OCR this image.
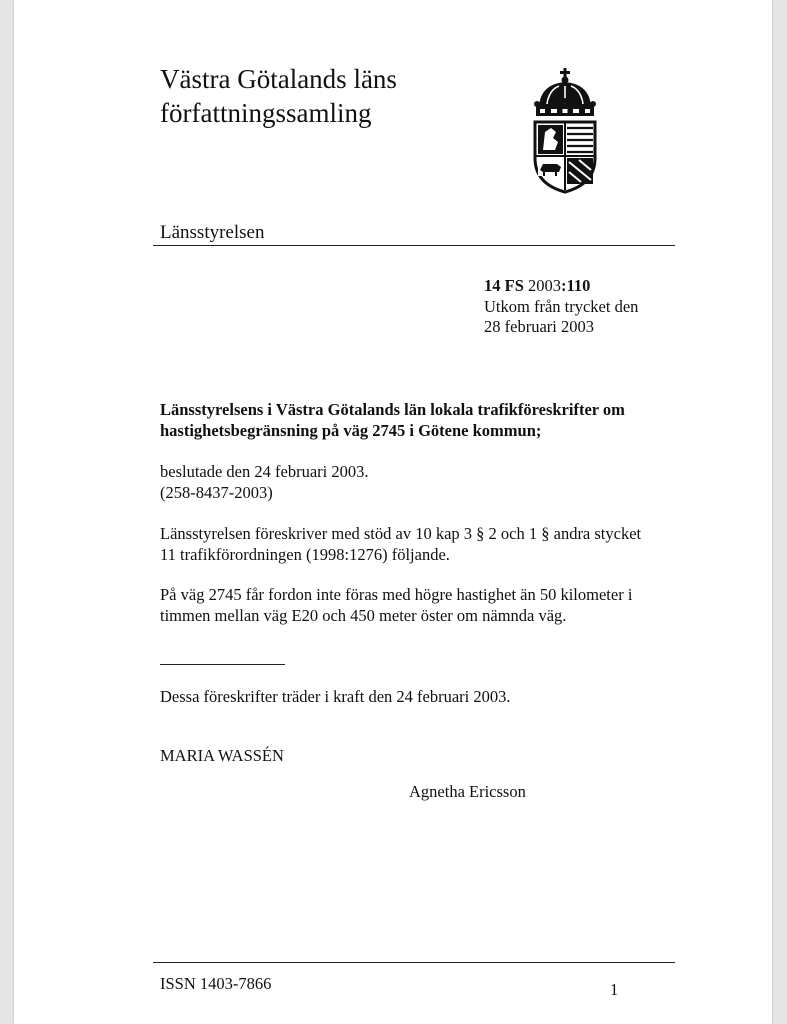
Västra Götalands läns
författningssamling
Länsstyrelsen
14 FS 2003:110
Utkom från trycket den
28 februari 2003
Länsstyrelsens i Västra Götalands län lokala trafikföreskrifter om
hastighetsbegränsning på väg 2745 i Götene kommun;
beslutade den 24 februari 2003.
(258-8437-2003)
Länsstyrelsen föreskriver med stöd av 10 kap 3 § 2 och 1 § andra stycket
11 trafikförordningen (1998:1276) följande.
På väg 2745 får fordon inte föras med högre hastighet än 50 kilometer i
timmen mellan väg E20 och 450 meter öster om nämnda väg.
Dessa föreskrifter träder i kraft den 24 februari 2003.
MARIA WASSÉN
Agnetha Ericsson
ISSN 1403-7866	1
